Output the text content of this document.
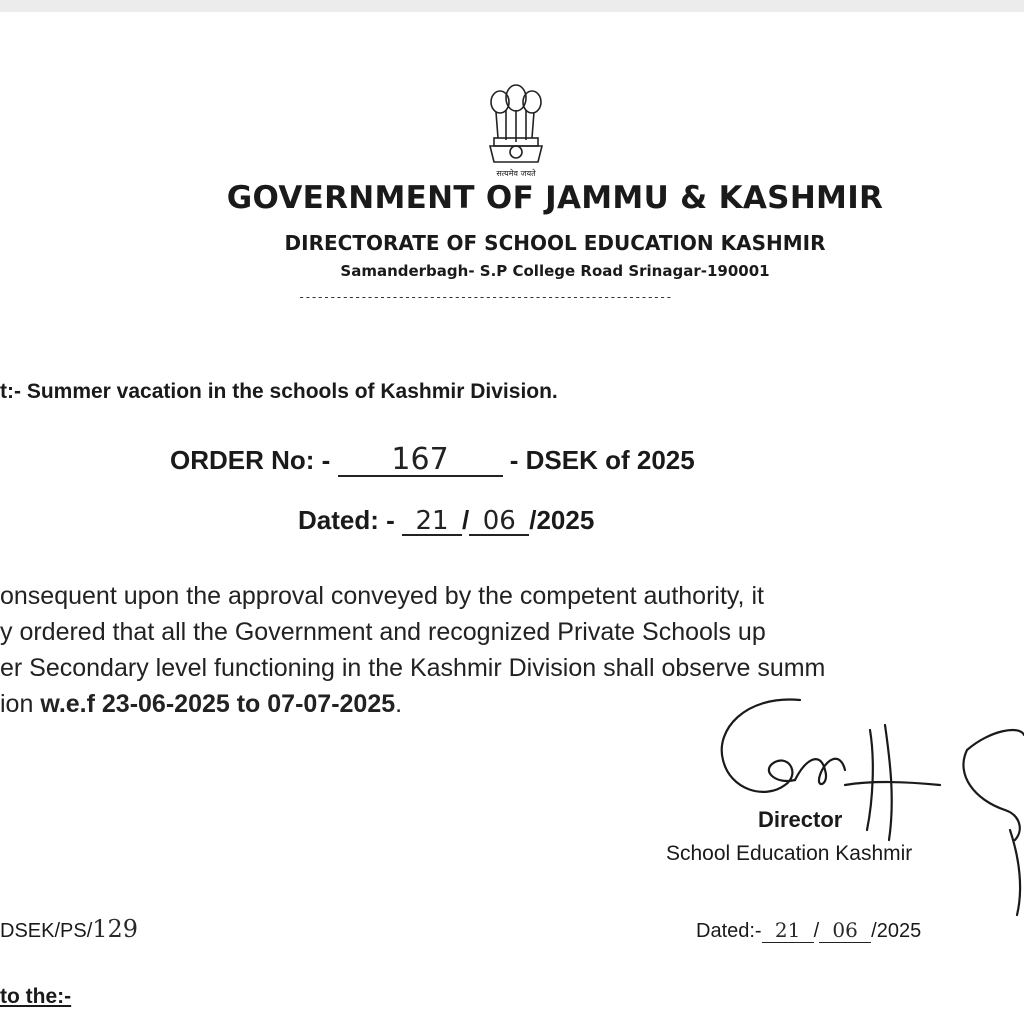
सत्यमेव जयते
GOVERNMENT OF JAMMU & KASHMIR
DIRECTORATE OF SCHOOL EDUCATION KASHMIR
Samanderbagh- S.P College Road Srinagar-190001
------------------------------------------------------------
t:- Summer vacation in the schools of Kashmir Division.
ORDER No: - 167 - DSEK of 2025
Dated: - 21 / 06 /2025
onsequent upon the approval conveyed by the competent authority, it
y ordered that all the Government and recognized Private Schools up
er Secondary level functioning in the Kashmir Division shall observe summ
ion w.e.f 23-06-2025 to 07-07-2025.
Director
School Education Kashmir
DSEK/PS/129	Dated:- 21 / 06 /2025
to the:-
